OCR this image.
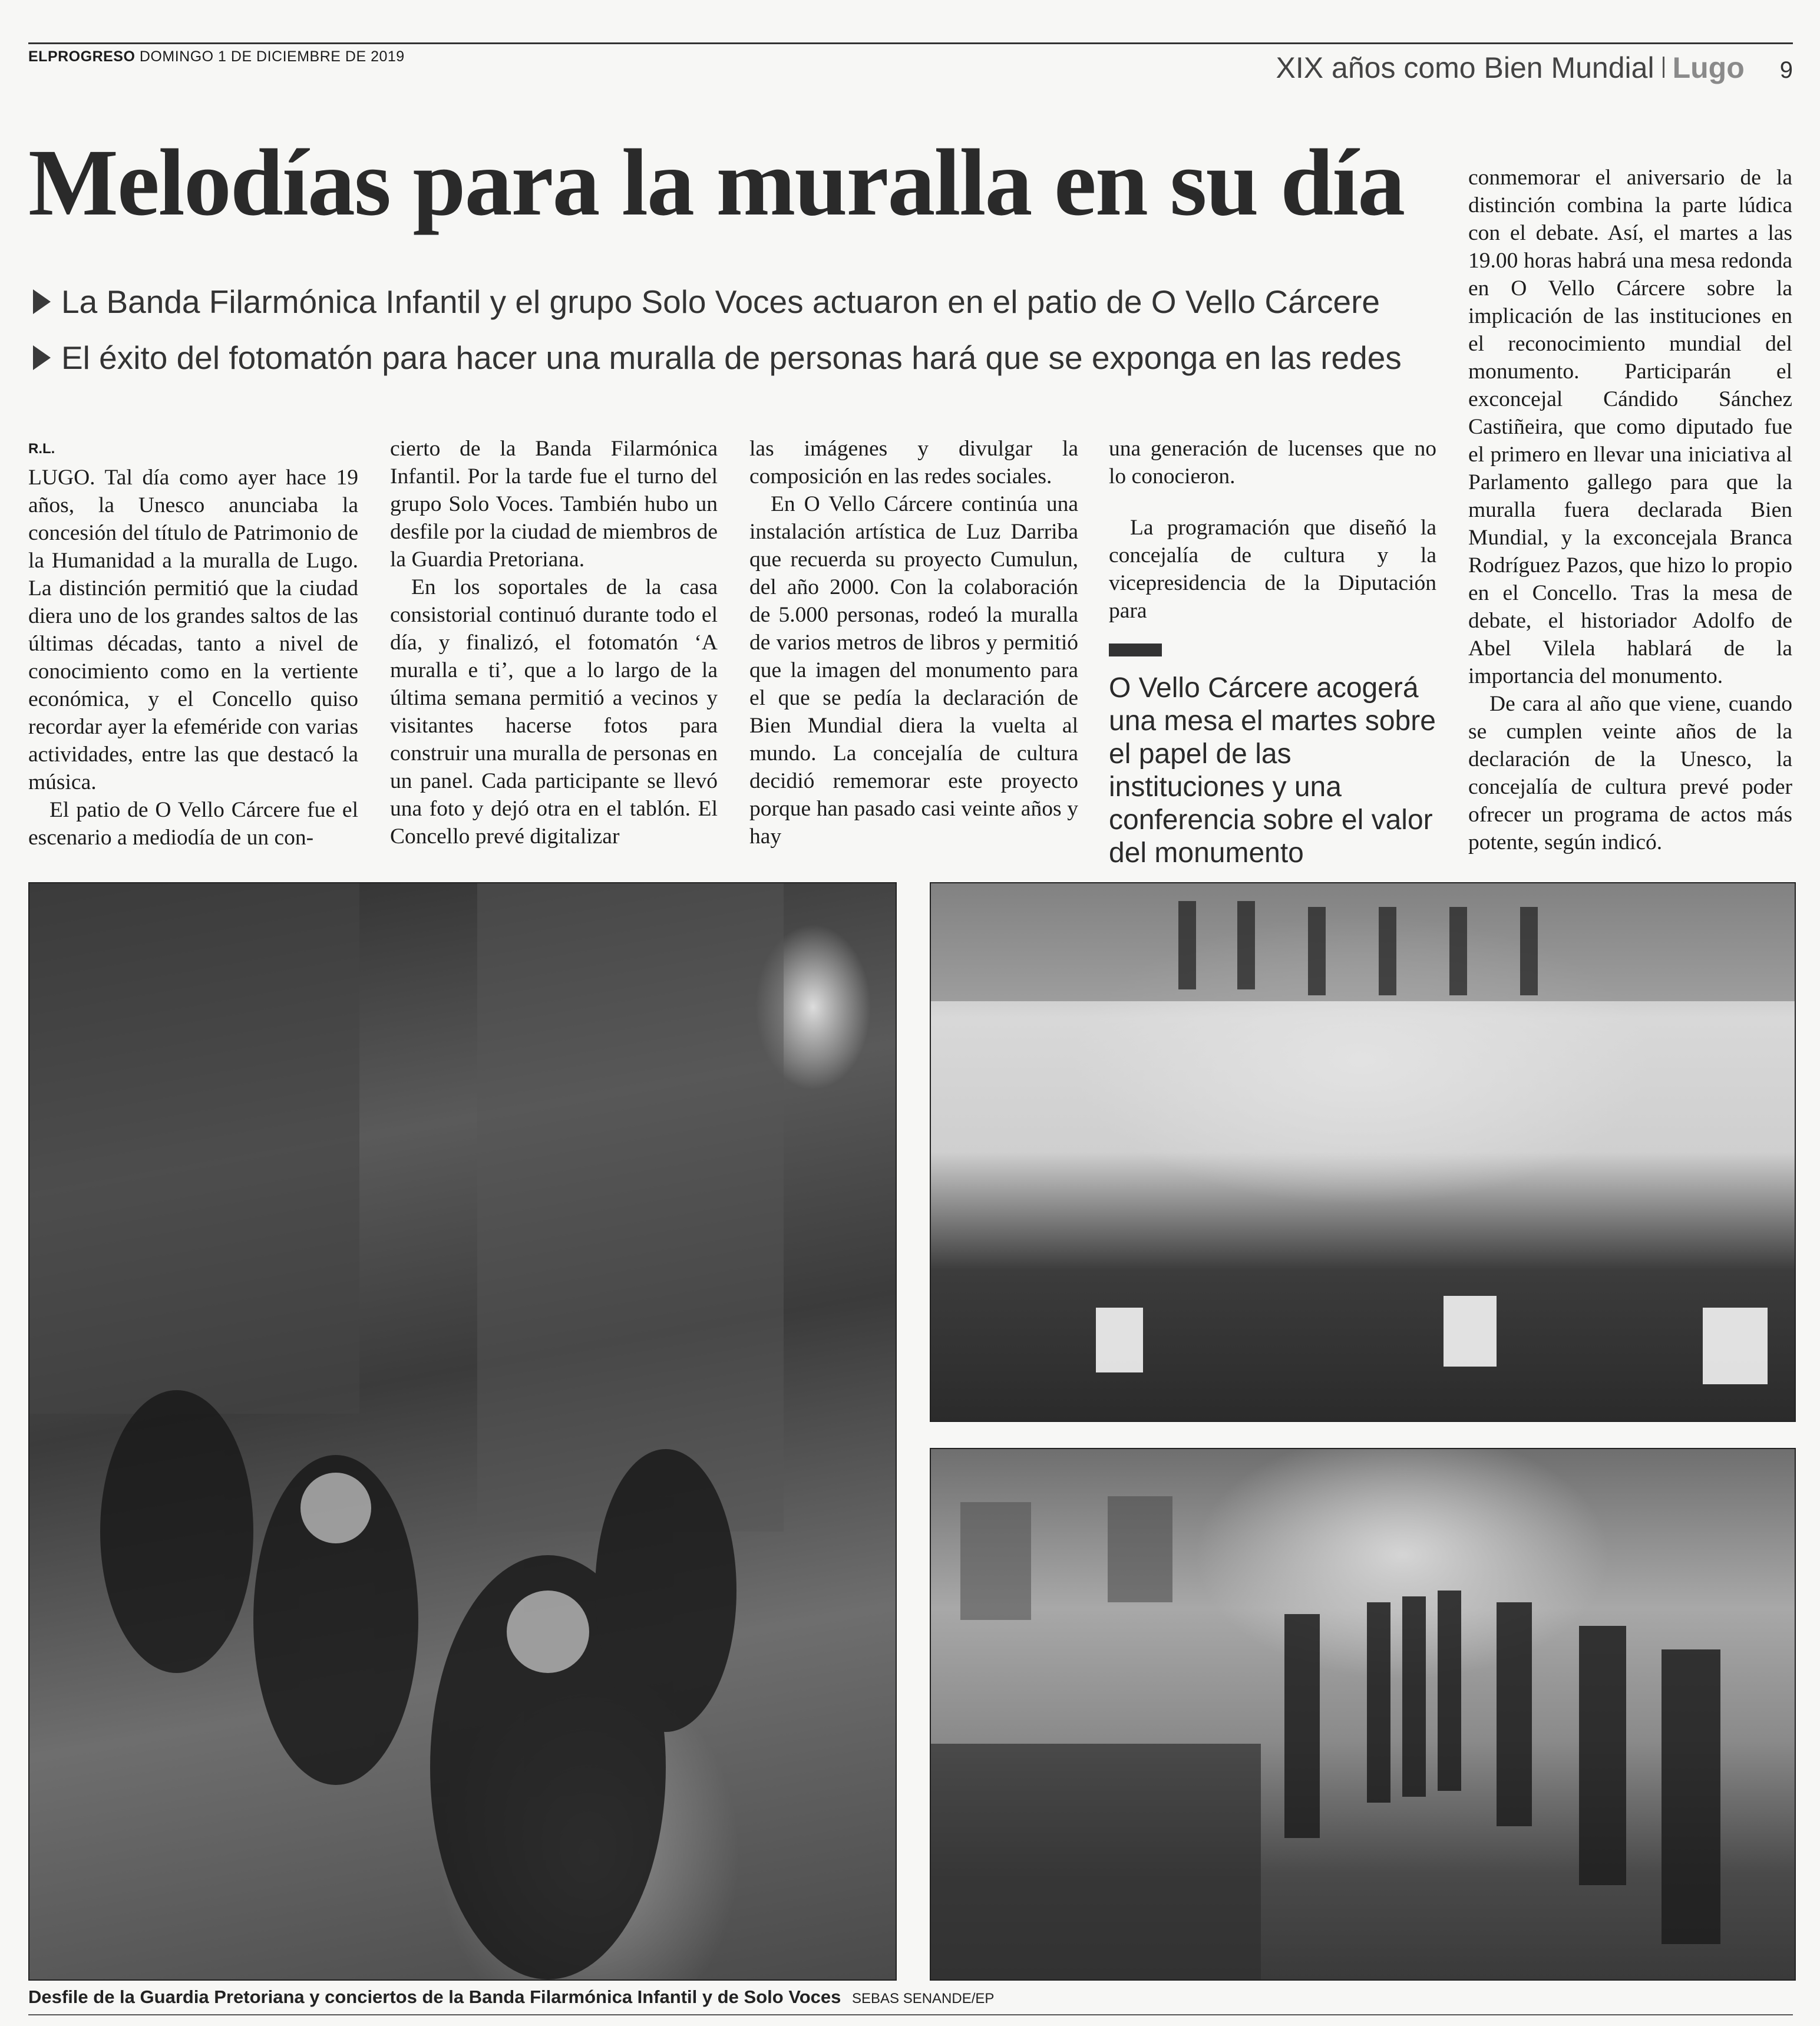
ELPROGRESO DOMINGO 1 DE DICIEMBRE DE 2019	XIX años como Bien Mundial Lugo 9
Melodías para la muralla en su día
La Banda Filarmónica Infantil y el grupo Solo Voces actuaron en el patio de O Vello Cárcere
El éxito del fotomatón para hacer una muralla de personas hará que se exponga en las redes
R.L.

LUGO. Tal día como ayer hace 19 años, la Unesco anunciaba la concesión del título de Patrimonio de la Humanidad a la muralla de Lugo. La distinción permitió que la ciudad diera uno de los grandes saltos de las últimas décadas, tanto a nivel de conocimiento como en la vertiente económica, y el Concello quiso recordar ayer la efeméride con varias actividades, entre las que destacó la música.

El patio de O Vello Cárcere fue el escenario a mediodía de un con-

cierto de la Banda Filarmónica Infantil. Por la tarde fue el turno del grupo Solo Voces. También hubo un desfile por la ciudad de miembros de la Guardia Pretoriana.

En los soportales de la casa consistorial continuó durante todo el día, y finalizó, el fotomatón ‘A muralla e ti’, que a lo largo de la última semana permitió a vecinos y visitantes hacerse fotos para construir una muralla de personas en un panel. Cada participante se llevó una foto y dejó otra en el tablón. El Concello prevé digitalizar

las imágenes y divulgar la composición en las redes sociales.

En O Vello Cárcere continúa una instalación artística de Luz Darriba que recuerda su proyecto Cumulun, del año 2000. Con la colaboración de 5.000 personas, rodeó la muralla de varios metros de libros y permitió que la imagen del monumento para el que se pedía la declaración de Bien Mundial diera la vuelta al mundo. La concejalía de cultura decidió rememorar este proyecto porque han pasado casi veinte años y hay

una generación de lucenses que no lo conocieron.

La programación que diseñó la concejalía de cultura y la vicepresidencia de la Diputación para

O Vello Cárcere acogerá una mesa el martes sobre el papel de las instituciones y una conferencia sobre el valor del monumento

conmemorar el aniversario de la distinción combina la parte lúdica con el debate. Así, el martes a las 19.00 horas habrá una mesa redonda en O Vello Cárcere sobre la implicación de las instituciones en el reconocimiento mundial del monumento. Participarán el exconcejal Cándido Sánchez Castiñeira, que como diputado fue el primero en llevar una iniciativa al Parlamento gallego para que la muralla fuera declarada Bien Mundial, y la exconcejala Branca Rodríguez Pazos, que hizo lo propio en el Concello. Tras la mesa de debate, el historiador Adolfo de Abel Vilela hablará de la importancia del monumento.

De cara al año que viene, cuando se cumplen veinte años de la declaración de la Unesco, la concejalía de cultura prevé poder ofrecer un programa de actos más potente, según indicó.

Desfile de la Guardia Pretoriana y conciertos de la Banda Filarmónica Infantil y de Solo Voces SEBAS SENANDE/EP
